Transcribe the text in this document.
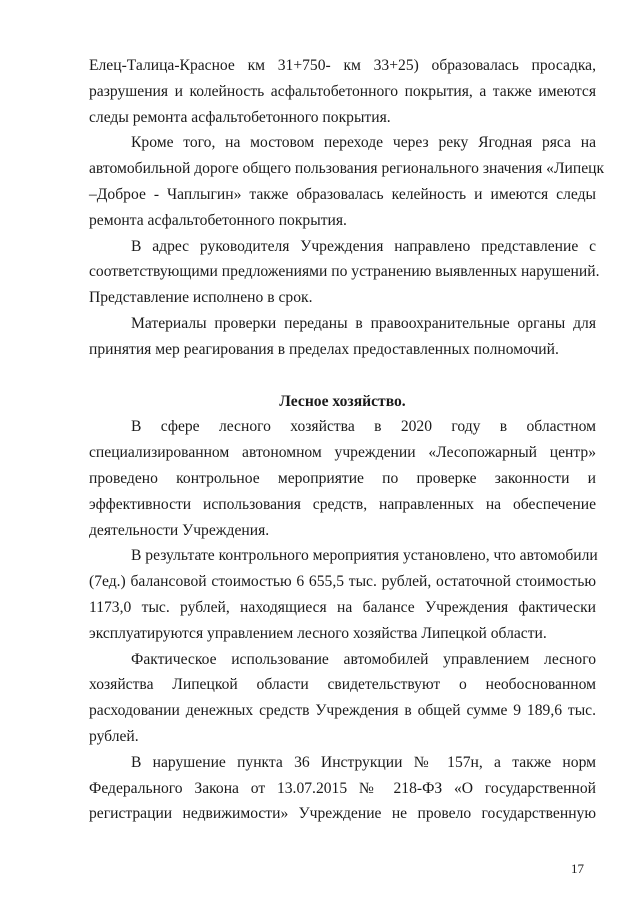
Елец-Талица-Красное км 31+750- км 33+25) образовалась просадка,

разрушения и колейность асфальтобетонного покрытия, а также имеются

следы ремонта асфальтобетонного покрытия.

Кроме того, на мостовом переходе через реку Ягодная ряса на

автомобильной дороге общего пользования регионального значения «Липецк

–Доброе - Чаплыгин» также образовалась келейность и имеются следы

ремонта асфальтобетонного покрытия.

В адрес руководителя Учреждения направлено представление с

соответствующими предложениями по устранению выявленных нарушений.

Представление исполнено в срок.

Материалы проверки переданы в правоохранительные органы для

принятия мер реагирования в пределах предоставленных полномочий.

Лесное хозяйство.

В сфере лесного хозяйства в 2020 году в областном

специализированном автономном учреждении «Лесопожарный центр»

проведено контрольное мероприятие по проверке законности и

эффективности использования средств, направленных на обеспечение

деятельности Учреждения.

В результате контрольного мероприятия установлено, что автомобили

(7ед.) балансовой стоимостью 6 655,5 тыс. рублей, остаточной стоимостью

1173,0 тыс. рублей, находящиеся на балансе Учреждения фактически

эксплуатируются управлением лесного хозяйства Липецкой области.

Фактическое использование автомобилей управлением лесного

хозяйства Липецкой области свидетельствуют о необоснованном

расходовании денежных средств Учреждения в общей сумме 9 189,6 тыс.

рублей.

В нарушение пункта 36 Инструкции № 157н, а также норм

Федерального Закона от 13.07.2015 № 218-ФЗ «О государственной

регистрации недвижимости» Учреждение не провело государственную

17
